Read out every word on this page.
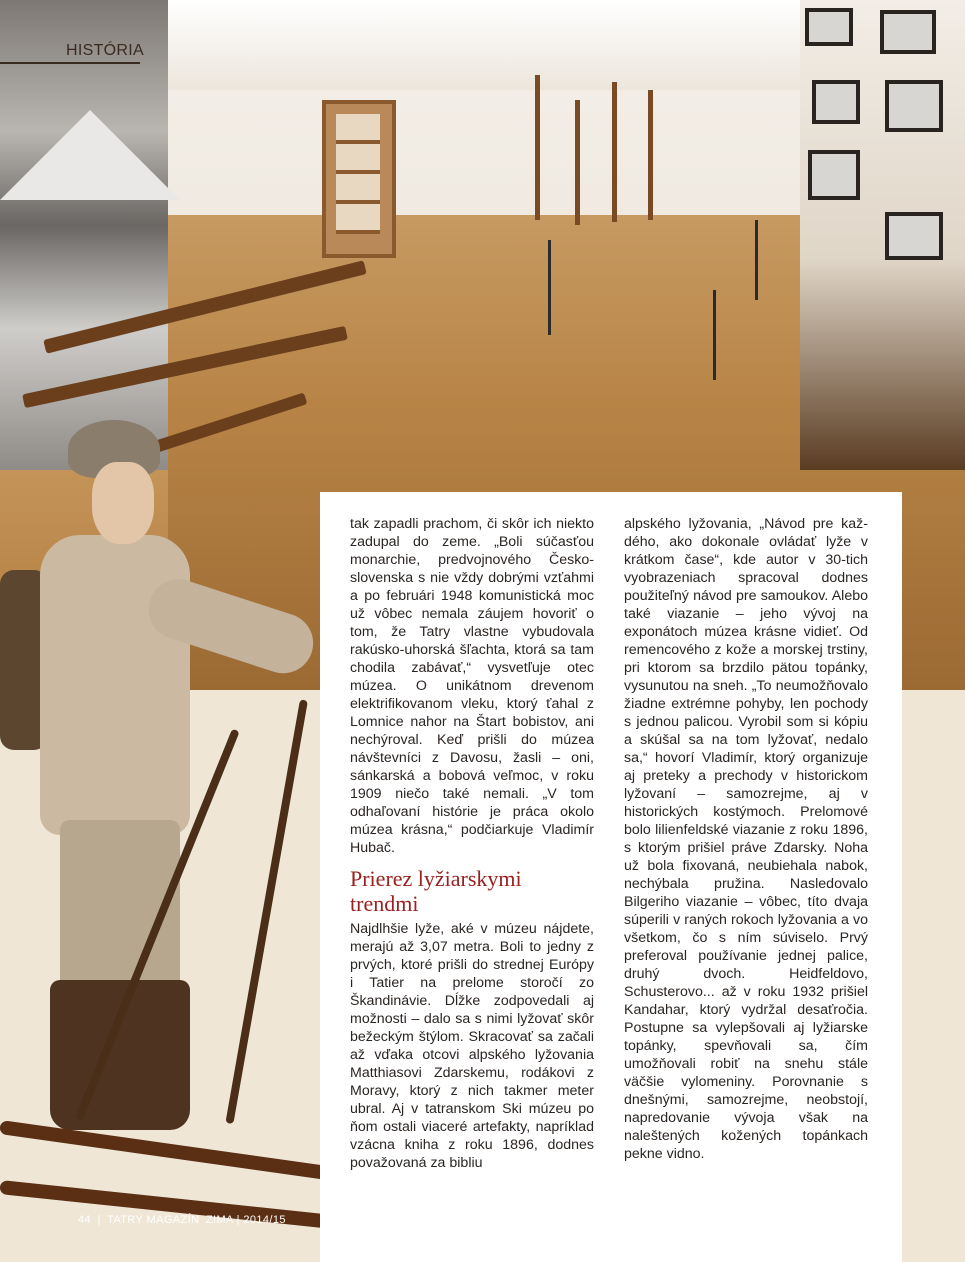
HISTÓRIA

tak zapadli prachom, či skôr ich niekto zadupal do zeme. „Boli súčasťou monarchie, predvojnového Československa s nie vždy dobrými vzťahmi a po februári 1948 komunistická moc už vôbec nemala záujem hovoriť o tom, že Tatry vlastne vybudovala rakúsko-uhorská šľachta, ktorá sa tam chodila zabávať,“ vysvetľuje otec múzea. O unikátnom drevenom elektrifikovanom vleku, ktorý ťahal z Lomnice nahor na Štart bobistov, ani nechýroval. Keď prišli do múzea návštevníci z Davosu, žasli – oni, sánkarská a bobová veľmoc, v roku 1909 niečo také nemali. „V tom odhaľovaní histórie je práca okolo múzea krásna,“ podčiarkuje Vladimír Hubač.

Prierez lyžiarskymi trendmi

Najdlhšie lyže, aké v múzeu nájdete, merajú až 3,07 metra. Boli to jedny z prvých, ktoré prišli do strednej Európy i Tatier na prelome storočí zo Škandinávie. Dĺžke zodpovedali aj možnosti – dalo sa s nimi lyžovať skôr bežeckým štýlom. Skracovať sa začali až vďaka otcovi alpského lyžovania Matthiasovi Zdarskemu, rodákovi z Moravy, ktorý z nich takmer meter ubral. Aj v tatranskom Ski múzeu po ňom ostali viaceré artefakty, napríklad vzácna kniha z roku 1896, dodnes považovaná za bibliu

alpského lyžovania, „Návod pre každého, ako dokonale ovládať lyže v krátkom čase“, kde autor v 30-tich vyobrazeniach spracoval dodnes použiteľný návod pre samoukov. Alebo také viazanie – jeho vývoj na exponátoch múzea krásne vidieť. Od remencového z kože a morskej trstiny, pri ktorom sa brzdilo pätou topánky, vysunutou na sneh. „To neumožňovalo žiadne extrémne pohyby, len pochody s jednou palicou. Vyrobil som si kópiu a skúšal sa na tom lyžovať, nedalo sa,“ hovorí Vladimír, ktorý organizuje aj preteky a prechody v historickom lyžovaní – samozrejme, aj v historických kostýmoch. Prelomové bolo lilienfeldské viazanie z roku 1896, s ktorým prišiel práve Zdarsky. Noha už bola fixovaná, neubiehala nabok, nechýbala pružina. Nasledovalo Bilgeriho viazanie – vôbec, títo dvaja súperili v raných rokoch lyžovania a vo všetkom, čo s ním súviselo. Prvý preferoval používanie jednej palice, druhý dvoch. Heidfeldovo, Schusterovo... až v roku 1932 prišiel Kandahar, ktorý vydržal desaťročia. Postupne sa vylepšovali aj lyžiarske topánky, spevňovali sa, čím umožňovali robiť na snehu stále väčšie vylomeniny. Porovnanie s dnešnými, samozrejme, neobstojí, napredovanie vývoja však na naleštených kožených topánkach pekne vidno.

44 | TATRY MAGAZÍN ZIMA | 2014/15
